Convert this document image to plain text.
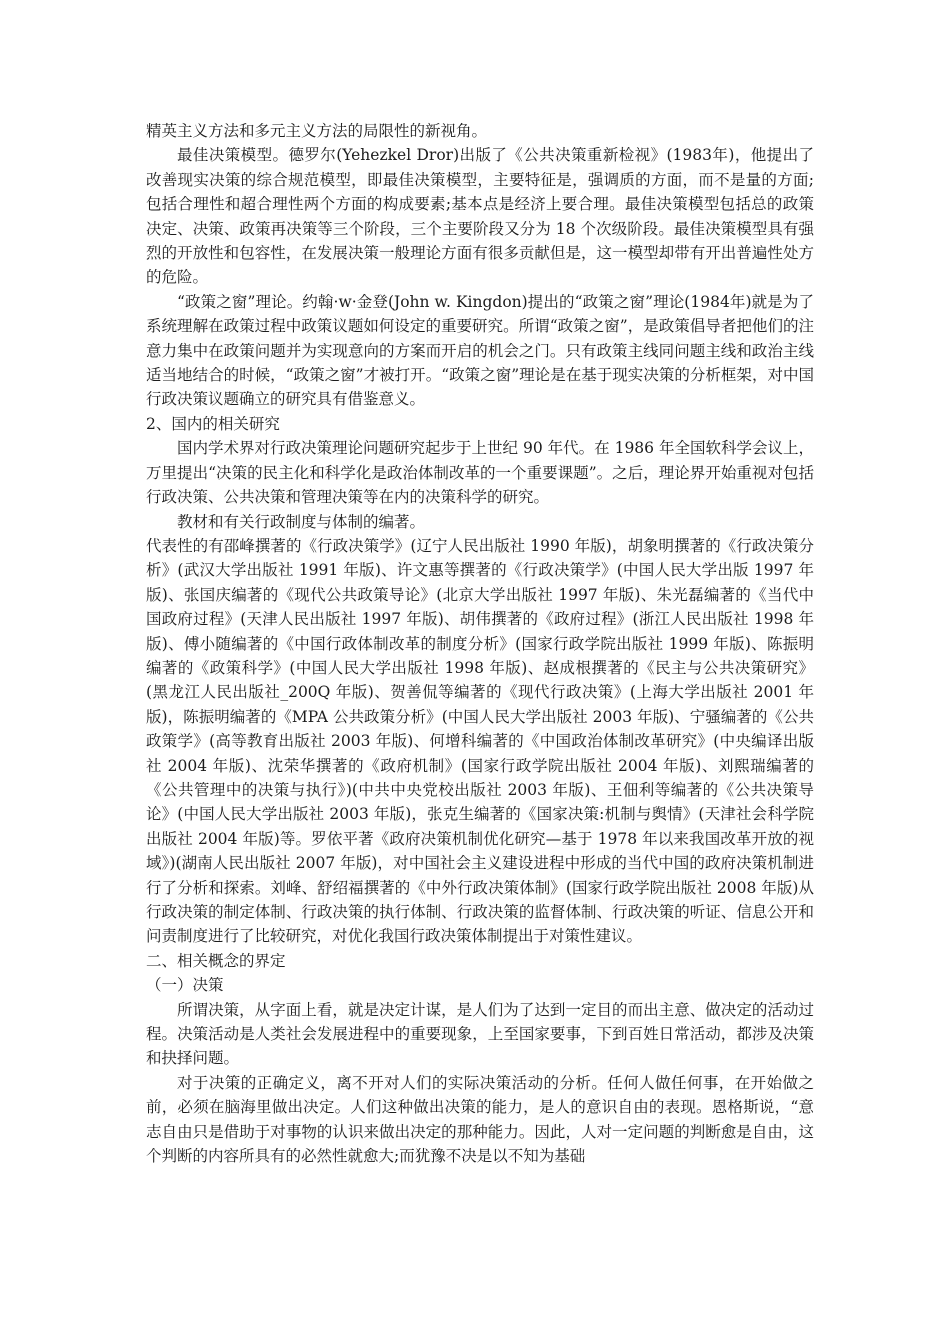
精英主义方法和多元主义方法的局限性的新视角。

最佳决策模型。德罗尔(Yehezkel Dror)出版了《公共决策重新检视》(1983年)，他提出了改善现实决策的综合规范模型，即最佳决策模型，主要特征是，强调质的方面，而不是量的方面;包括合理性和超合理性两个方面的构成要素;基本点是经济上要合理。最佳决策模型包括总的政策决定、决策、政策再决策等三个阶段，三个主要阶段又分为 18 个次级阶段。最佳决策模型具有强烈的开放性和包容性，在发展决策一般理论方面有很多贡献但是，这一模型却带有开出普遍性处方的危险。

“政策之窗”理论。约翰·w·金登(John w. Kingdon)提出的“政策之窗”理论(1984年)就是为了系统理解在政策过程中政策议题如何设定的重要研究。所谓“政策之窗”，是政策倡导者把他们的注意力集中在政策问题并为实现意向的方案而开启的机会之门。只有政策主线同问题主线和政治主线适当地结合的时候，“政策之窗”才被打开。“政策之窗”理论是在基于现实决策的分析框架，对中国行政决策议题确立的研究具有借鉴意义。

2、国内的相关研究

国内学术界对行政决策理论问题研究起步于上世纪 90 年代。在 1986 年全国软科学会议上，万里提出“决策的民主化和科学化是政治体制改革的一个重要课题”。之后，理论界开始重视对包括行政决策、公共决策和管理决策等在内的决策科学的研究。

教材和有关行政制度与体制的编著。

代表性的有邵峰撰著的《行政决策学》(辽宁人民出版社 1990 年版)，胡象明撰著的《行政决策分析》(武汉大学出版社 1991 年版)、许文惠等撰著的《行政决策学》(中国人民大学出版 1997 年版)、张国庆编著的《现代公共政策导论》(北京大学出版社 1997 年版)、朱光磊编著的《当代中国政府过程》(天津人民出版社 1997 年版)、胡伟撰著的《政府过程》(浙江人民出版社 1998 年版)、傅小随编著的《中国行政体制改革的制度分析》(国家行政学院出版社 1999 年版)、陈振明编著的《政策科学》(中国人民大学出版社 1998 年版)、赵成根撰著的《民主与公共决策研究》(黑龙江人民出版社_200Q 年版)、贺善侃等编著的《现代行政决策》(上海大学出版社 2001 年版)，陈振明编著的《MPA 公共政策分析》(中国人民大学出版社 2003 年版)、宁骚编著的《公共政策学》(高等教育出版社 2003 年版)、何增科编著的《中国政治体制改革研究》(中央编译出版社 2004 年版)、沈荣华撰著的《政府机制》(国家行政学院出版社 2004 年版)、刘熙瑞编著的《公共管理中的决策与执行》)(中共中央党校出版社 2003 年版)、王佃利等编著的《公共决策导论》(中国人民大学出版社 2003 年版)，张克生编著的《国家决策:机制与舆情》(天津社会科学院出版社 2004 年版)等。罗依平著《政府决策机制优化研究—基于 1978 年以来我国改革开放的视域》)(湖南人民出版社 2007 年版)，对中国社会主义建设进程中形成的当代中国的政府决策机制进行了分析和探索。刘峰、舒绍福撰著的《中外行政决策体制》(国家行政学院出版社 2008 年版)从行政决策的制定体制、行政决策的执行体制、行政决策的监督体制、行政决策的听证、信息公开和问责制度进行了比较研究，对优化我国行政决策体制提出于对策性建议。

二、相关概念的界定

（一）决策

所谓决策，从字面上看，就是决定计谋，是人们为了达到一定目的而出主意、做决定的活动过程。决策活动是人类社会发展进程中的重要现象，上至国家要事，下到百姓日常活动，都涉及决策和抉择问题。

对于决策的正确定义，离不开对人们的实际决策活动的分析。任何人做任何事，在开始做之前，必须在脑海里做出决定。人们这种做出决策的能力，是人的意识自由的表现。恩格斯说，“意志自由只是借助于对事物的认识来做出决定的那种能力。因此，人对一定问题的判断愈是自由，这个判断的内容所具有的必然性就愈大;而犹豫不决是以不知为基础
